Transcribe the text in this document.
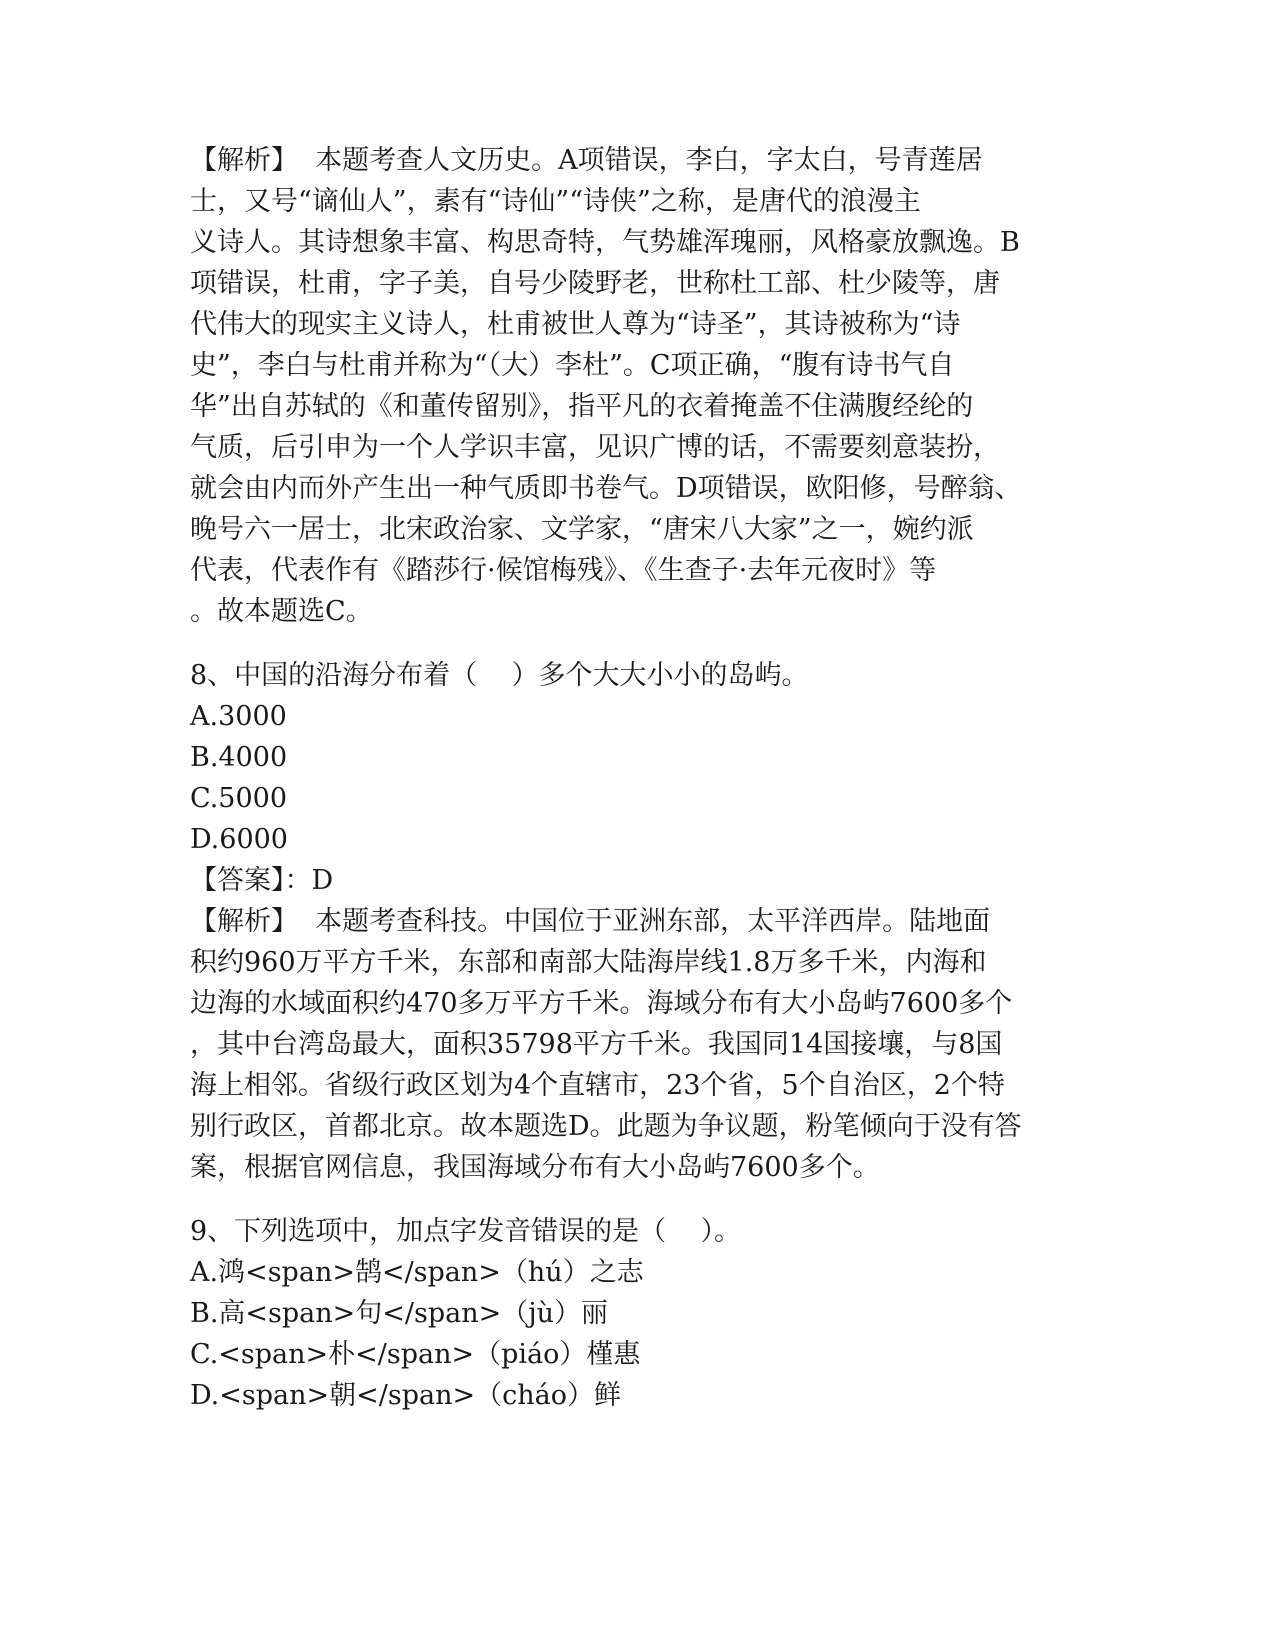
【解析】  本题考查人文历史。A项错误，李白，字太白，号青莲居
士，又号“谪仙人”，素有“诗仙”“诗侠”之称，是唐代的浪漫主
义诗人。其诗想象丰富、构思奇特，气势雄浑瑰丽，风格豪放飘逸。B
项错误，杜甫，字子美，自号少陵野老，世称杜工部、杜少陵等，唐
代伟大的现实主义诗人，杜甫被世人尊为“诗圣”，其诗被称为“诗
史”，李白与杜甫并称为“（大）李杜”。C项正确，“腹有诗书气自
华”出自苏轼的《和董传留别》，指平凡的衣着掩盖不住满腹经纶的
气质，后引申为一个人学识丰富，见识广博的话，不需要刻意装扮，
就会由内而外产生出一种气质即书卷气。D项错误，欧阳修，号醉翁、
晚号六一居士，北宋政治家、文学家，“唐宋八大家”之一，婉约派
代表，代表作有《踏莎行·候馆梅残》、《生查子·去年元夜时》等
。故本题选C。
8、中国的沿海分布着（    ）多个大大小小的岛屿。
A.3000
B.4000
C.5000
D.6000
【答案】：D
【解析】  本题考查科技。中国位于亚洲东部，太平洋西岸。陆地面
积约960万平方千米，东部和南部大陆海岸线1.8万多千米，内海和
边海的水域面积约470多万平方千米。海域分布有大小岛屿7600多个
，其中台湾岛最大，面积35798平方千米。我国同14国接壤，与8国
海上相邻。省级行政区划为4个直辖市，23个省，5个自治区，2个特
别行政区，首都北京。故本题选D。此题为争议题，粉笔倾向于没有答
案，根据官网信息，我国海域分布有大小岛屿7600多个。
9、下列选项中，加点字发音错误的是（    ）。
A.鸿<span>鹄</span>（hú）之志
B.高<span>句</span>（jù）丽
C.<span>朴</span>（piáo）槿惠
D.<span>朝</span>（cháo）鲜
